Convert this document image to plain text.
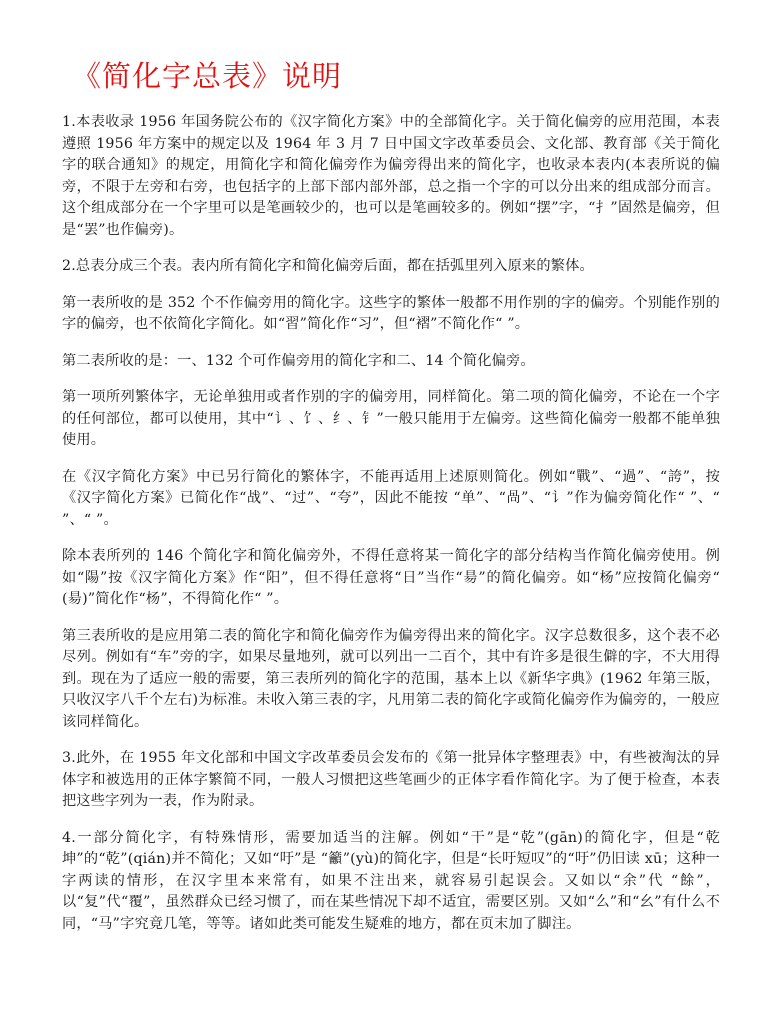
《简化字总表》说明

1.本表收录 1956 年国务院公布的《汉字简化方案》中的全部简化字。关于简化偏旁的应用范围，本表遵照 1956 年方案中的规定以及 1964 年 3 月 7 日中国文字改革委员会、文化部、教育部《关于简化字的联合通知》的规定，用简化字和简化偏旁作为偏旁得出来的简化字，也收录本表内(本表所说的偏旁，不限于左旁和右旁，也包括字的上部下部内部外部，总之指一个字的可以分出来的组成部分而言。这个组成部分在一个字里可以是笔画较少的，也可以是笔画较多的。例如“摆”字，“扌”固然是偏旁，但是“罢”也作偏旁)。

2.总表分成三个表。表内所有简化字和简化偏旁后面，都在括弧里列入原来的繁体。

第一表所收的是 352 个不作偏旁用的简化字。这些字的繁体一般都不用作别的字的偏旁。个别能作别的字的偏旁，也不依简化字简化。如“習”简化作“习”，但“褶”不简化作“ ”。

第二表所收的是：一、132 个可作偏旁用的简化字和二、14 个简化偏旁。

第一项所列繁体字，无论单独用或者作别的字的偏旁用，同样简化。第二项的简化偏旁，不论在一个字的任何部位，都可以使用，其中“讠、饣、纟、钅”一般只能用于左偏旁。这些简化偏旁一般都不能单独使用。

在《汉字简化方案》中已另行简化的繁体字，不能再适用上述原则简化。例如“戰”、“過”、“誇”，按《汉字简化方案》已简化作“战”、“过”、“夸”，因此不能按 “单”、“咼”、“讠”作为偏旁简化作“ ”、“ ”、“ ”。

除本表所列的 146 个简化字和简化偏旁外，不得任意将某一简化字的部分结构当作简化偏旁使用。例如“陽”按《汉字简化方案》作“阳”，但不得任意将“日”当作“昜”的简化偏旁。如“杨”应按简化偏旁“ (昜)”简化作“杨”，不得简化作“ ”。

第三表所收的是应用第二表的简化字和简化偏旁作为偏旁得出来的简化字。汉字总数很多，这个表不必尽列。例如有“车”旁的字，如果尽量地列，就可以列出一二百个，其中有许多是很生僻的字，不大用得到。现在为了适应一般的需要，第三表所列的简化字的范围，基本上以《新华字典》(1962 年第三版，只收汉字八千个左右)为标准。未收入第三表的字，凡用第二表的简化字或简化偏旁作为偏旁的，一般应该同样简化。

3.此外，在 1955 年文化部和中国文字改革委员会发布的《第一批异体字整理表》中，有些被淘汰的异体字和被选用的正体字繁简不同，一般人习惯把这些笔画少的正体字看作简化字。为了便于检查，本表把这些字列为一表，作为附录。

4.一部分简化字，有特殊情形，需要加适当的注解。例如“干”是“乾”(gān)的简化字，但是“乾坤”的“乾”(qián)并不简化；又如“吁”是 “籲”(yù)的简化字，但是“长吁短叹”的“吁”仍旧读 xū；这种一字两读的情形，在汉字里本来常有，如果不注出来，就容易引起误会。又如以“余”代 “餘”，以“复”代“覆”，虽然群众已经习惯了，而在某些情况下却不适宜，需要区别。又如“么”和“幺”有什么不同，“马”字究竟几笔，等等。诸如此类可能发生疑难的地方，都在页末加了脚注。
